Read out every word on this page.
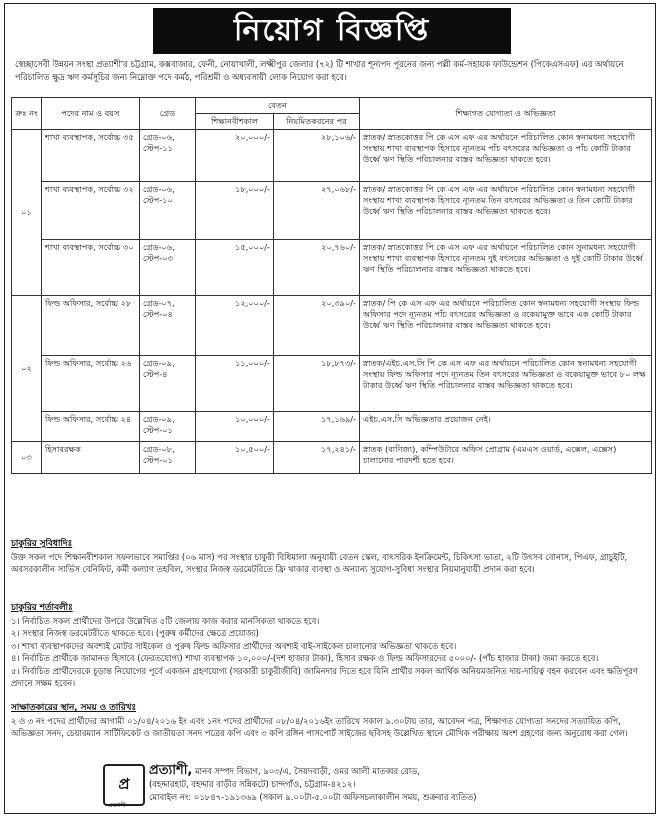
নিয়োগ বিজ্ঞপ্তি
স্বেচ্ছাসেবী উন্নয়ন সংস্থা প্রত্যাশী'র চট্টগ্রাম, কক্সবাজার, ফেনী, নোয়াখালী, লক্ষ্মীপুর জেলার (৭২) টি শাখার শূন্যপদ পূরনের জন্য পল্লী কর্ম-সহায়ক ফাউন্ডেশন (পিকেএসএফ) এর অর্থায়নে পরিচালিত ক্ষুদ্র ঋণ কর্মসূচির জন্য নিম্নোক্ত পদে কর্মঠ, পরিশ্রমী ও অধ্যবসায়ী লোক নিয়োগ করা হবে।
ক্রঃ নং	পদের নাম ও বয়স	গ্রেড	বেতন		শিক্ষাগত যোগ্যতা ও অভিজ্ঞতা
			শিক্ষানবীশকাল	নিয়মিতকরনের পর	
০১	শাখা ব্যবস্থাপক, সর্বোচ্চ ৩৫	গ্রেড-০৬, স্টেপ-১১	২০,০০০/-	২৮,১০৬/-	স্নাতক/ স্নাতকোত্তর পি কে এস এফ এর অর্থায়নে পরিচালিত কোন স্বনামধন্য সহযোগী সংস্থায় শাখা ব্যবস্থাপক হিসাবে ন্যূনতম পাঁচ বৎসরের অভিজ্ঞতা ও পাঁচ কোটি টাকার উর্ধ্বে ঋণ স্থিতি পরিচালনার বাস্তব অভিজ্ঞতা থাকতে হবে।
	শাখা ব্যবস্থাপক, সর্বোচ্চ ৩২	গ্রেড-০৬, স্টেপ-১০	১৮,০০০/-	২৭,০৬৮/-	স্নাতক/ স্নাতকোত্তর পি কে এস এফ এর অর্থায়নে পরিচালিত কোন স্বনামধন্য সহযোগী সংস্থায় শাখা ব্যবস্থাপক হিসাবে ন্যূনতম তিন বৎসরের অভিজ্ঞতা ও তিন কোটি টাকার উর্ধ্বে ঋণ স্থিতি পরিচালনার বাস্তব অভিজ্ঞতা থাকতে হবে।
	শাখা ব্যবস্থাপক, সর্বোচ্চ ৩০	গ্রেড-০৬, স্টেপ-০৩	১৫,০০০/-	২০,৭৬০/-	স্নাতক/ স্নাতকোত্তর পি কে এস এফ এর অর্থায়নে পরিচালিত কোন সুনামধন্য সহযোগী সংস্থায় শাখা ব্যবস্থাপক হিসাবে ন্যূনতম দুই বৎসরের অভিজ্ঞতা ও দুই কোটি টাকার উর্ধ্বে ঋণ স্থিতি পরিচালনার বাস্তব অভিজ্ঞতা থাকতে হবে।
০২	ফিল্ড অফিসার, সর্বোচ্চ ২৮	গ্রেড-০৭, স্টেপ-০৪	১২,০০০/-	২০,৩৯০/-	স্নাতক/ পি কে এস এফ এর অর্থায়নে পরিচালিত কোন স্বনামধন্য সহযোগী সংস্থায় ফিল্ড অফিসার পদে ন্যূনতম পাঁচ বৎসরের অভিজ্ঞতা ও বকেয়ামুক্ত ভাবে এক কোটি টাকার উর্ধ্বে ঋণ স্থিতি পরিচালনার বাস্তব অভিজ্ঞতা থাকতে হবে।
	ফিল্ড অফিসার, সর্বোচ্চ ২৬	গ্রেড-০৯, স্টেপ-৪	১১,০০০/-	১৮,৮৭৩/-	স্নাতক/এইচ.এস.সি পি কে এস এফ এর অর্থায়নে পরিচালিত কোন স্বনামধন্য সহযোগী সংস্থায় ফিল্ড অফিসার পদে ন্যূনতম তিন বৎসরের অভিজ্ঞতা ও বকেয়ামুক্ত ভাবে ৮০ লক্ষ টাকার উর্ধ্বে ঋণ স্থিতি পরিচালনার বাস্তব অভিজ্ঞতা থাকতে হবে।
	ফিল্ড অফিসার, সর্বোচ্চ ২৪	গ্রেড-০৯, স্টেপ-০১	১০,০০০/-	১৭,১৬৯/-	এইচ.এস.সি অভিজ্ঞতার প্রয়োজন নেই।
০৩	হিসাবরক্ষক	গ্রেড-০৮, স্টেপ-০১	১০,৫০০/-	১৭,২৪১/-	স্নাতক (বাণিজ্য), কম্পিউটারে অফিস প্রোগ্রাম (এমএস ওয়ার্ড, এক্সেল, এক্সেস) চালানোর পারদর্শী হতে হবে।
চাকুরির সুবিধাদিঃ
উক্ত সকল পদে শিক্ষানবীশকাল সফলভাবে সমাপ্তির (০৬ মাস) পর সংস্থার চাকুরী বিধিমালা অনুযায়ী বেতন স্কেল, বাৎসরিক ইনক্রিমেন্ট, চিকিৎসা ভাতা, ২টি উৎসব বোনাস, পিএফ, গ্রাচুইটি, অবসরকালীন সার্ভিস বেনিফিট, কর্মী কল্যাণ তহবিল, সংস্থার নিজস্ব ডরমেটরিতে ফ্রি থাকার ব্যবস্থা ও অন্যান্য সুযোগ-সুবিধা সংস্থার নিয়মানুযায়ী প্রদান করা হবে।
চাকুরির শর্তাবলীঃ
১। নির্বাচিত সকল প্রার্থীদের উপরে উল্লেখিত ৫টি জেলায় কাজ করার মানসিকতা থাকতে হবে।
২। সংস্থার নিজস্ব ডরমেটরীতে থাকতে হবে। (পুরুষ কর্মীদের ক্ষেত্রে প্রযোজ্য)
৩। শাখা ব্যবস্থাপকদের অবশ্যই মোটর সাইকেল ও পুরুষ ফিল্ড অফিসার প্রার্থীদের অবশ্যই বাই-সাইকেল চালানোর অভিজ্ঞতা থাকতে হবে।
৪। নির্বাচিত প্রার্থীকে জামানত হিসাবে (ফেরতযোগ্য) শাখা ব্যবস্থাপক ১০,০০০/-(দশ হাজার টাকা), হিসাব রক্ষক ও ফিল্ড অফিসারদের ৫০০০/- (পাঁচ হাজার টাকা) জমা করতে হবে।
৫। নির্বাচিত প্রার্থীদেরকে চূড়ান্ত নিয়োগের পূর্বে একজন গ্রহণযোগ্য (সরকারী চাকুরীজীবি) জামিনদার দিতে হবে যিনি প্রার্থীর সকল আর্থিক অনিয়মজনিত দায়-দায়িত্ব বহন করবেন এবং ক্ষতিপূরণ প্রদানে সক্ষম হবেন।
সাক্ষাতকারের স্থান, সময় ও তারিখঃ
২ ও ৩ নং পদের প্রার্থীদের আগামী ০১/০৪/২০১৬ ইং এবং ১নং পদের প্রার্থীদের ০৮/০৪/২০১৬ইং তারিখে সকাল ৯.৩০টায় তার, আবেদন পত্র, শিক্ষাগত যোগ্যতা সনদের সত্যায়িত কপি, অভিজ্ঞতা সনদ, চেয়ারম্যান সার্টিফিকেট ও জাতীয়তা সনদ পত্রের কপি এবং ৩ কপি রঙ্গিন পাসপোর্ট সাইজের ছবিসহ উল্লেখিত স্থানে মৌখিক পরীক্ষায় অংশ গ্রহণের জন্য অনুরোধ করা গেল।
প্র
প্রত্যাশী
প্রত্যাশী, মানব সম্পদ বিভাগ, ৯০৩/এ, সৈয়দবাড়ী, ওমর আলী মাতব্বর রোড,
(বহদ্দারহাট, বহদ্দার বাড়ীর সন্নিকটে) চান্দগাঁও, চট্টগ্রাম-৪২১২।
মোবাইল নং: ০১৮৪৭-১৯১৩৬৯ (সকাল ৯.০০টা-৫.০০টা অফিসচলাকালীন সময়, শুক্রবার ব্যতিত)
